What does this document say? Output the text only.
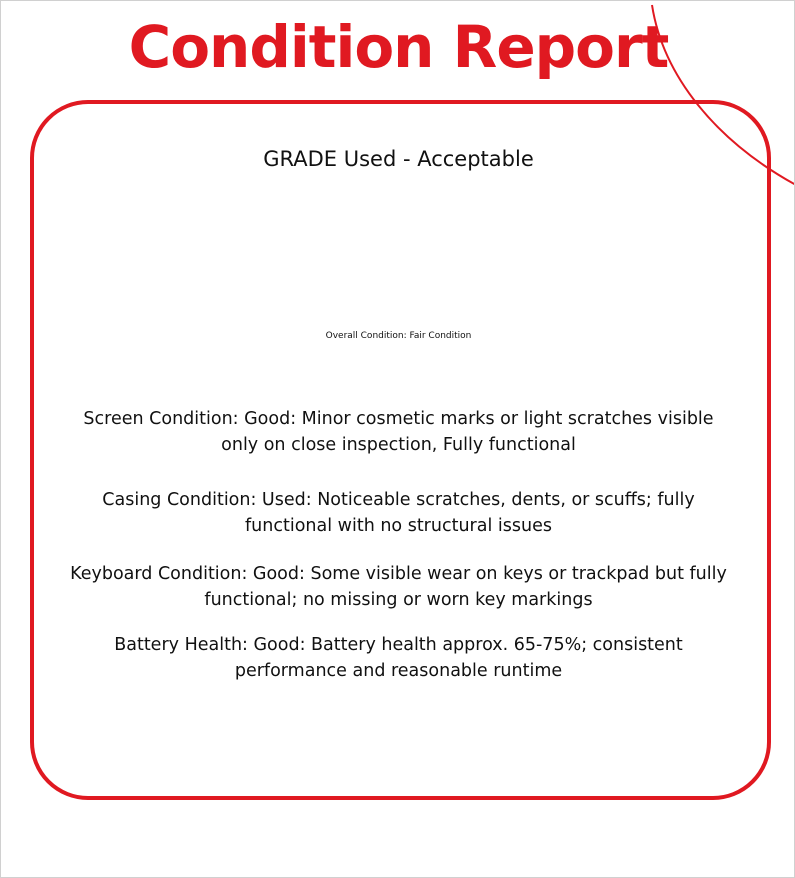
Condition Report
GRADE Used - Acceptable
Overall Condition: Fair Condition
Screen Condition: Good: Minor cosmetic marks or light scratches visible only on close inspection, Fully functional
Casing Condition: Used: Noticeable scratches, dents, or scuffs; fully functional with no structural issues
Keyboard Condition: Good: Some visible wear on keys or trackpad but fully functional; no missing or worn key markings
Battery Health: Good: Battery health approx. 65-75%; consistent performance and reasonable runtime
